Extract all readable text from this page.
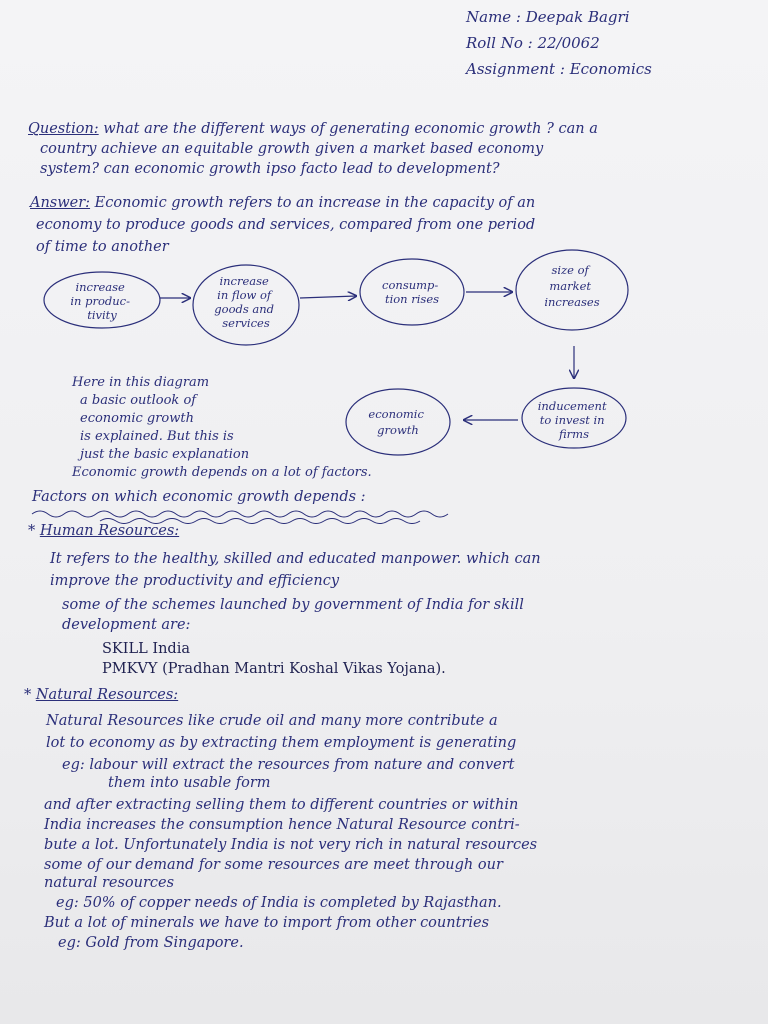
Name : Deepak Bagri
Roll No : 22/0062
Assignment : Economics
Question: what are the different ways of generating economic growth ? can a
country achieve an equitable growth given a market based economy
system? can economic growth ipso facto lead to development?
Answer: Economic growth refers to an increase in the capacity of an
economy to produce goods and services, compared from one period
of time to another
increase in produc- tivity
increase in flow of goods and services
consump- tion rises
size of market increases
inducement to invest in firms
economic growth
Here in this diagram
a basic outlook of
economic growth
is explained. But this is
just the basic explanation
Economic growth depends on a lot of factors.
Factors on which economic growth depends :
* Human Resources:
It refers to the healthy, skilled and educated manpower. which can
improve the productivity and efficiency
some of the schemes launched by government of India for skill
development are:
SKILL India
PMKVY (Pradhan Mantri Koshal Vikas Yojana).
* Natural Resources:
Natural Resources like crude oil and many more contribute a
lot to economy as by extracting them employment is generating
eg: labour will extract the resources from nature and convert
them into usable form
and after extracting selling them to different countries or within
India increases the consumption hence Natural Resource contri-
bute a lot. Unfortunately India is not very rich in natural resources
some of our demand for some resources are meet through our
natural resources
eg: 50% of copper needs of India is completed by Rajasthan.
But a lot of minerals we have to import from other countries
eg: Gold from Singapore.
